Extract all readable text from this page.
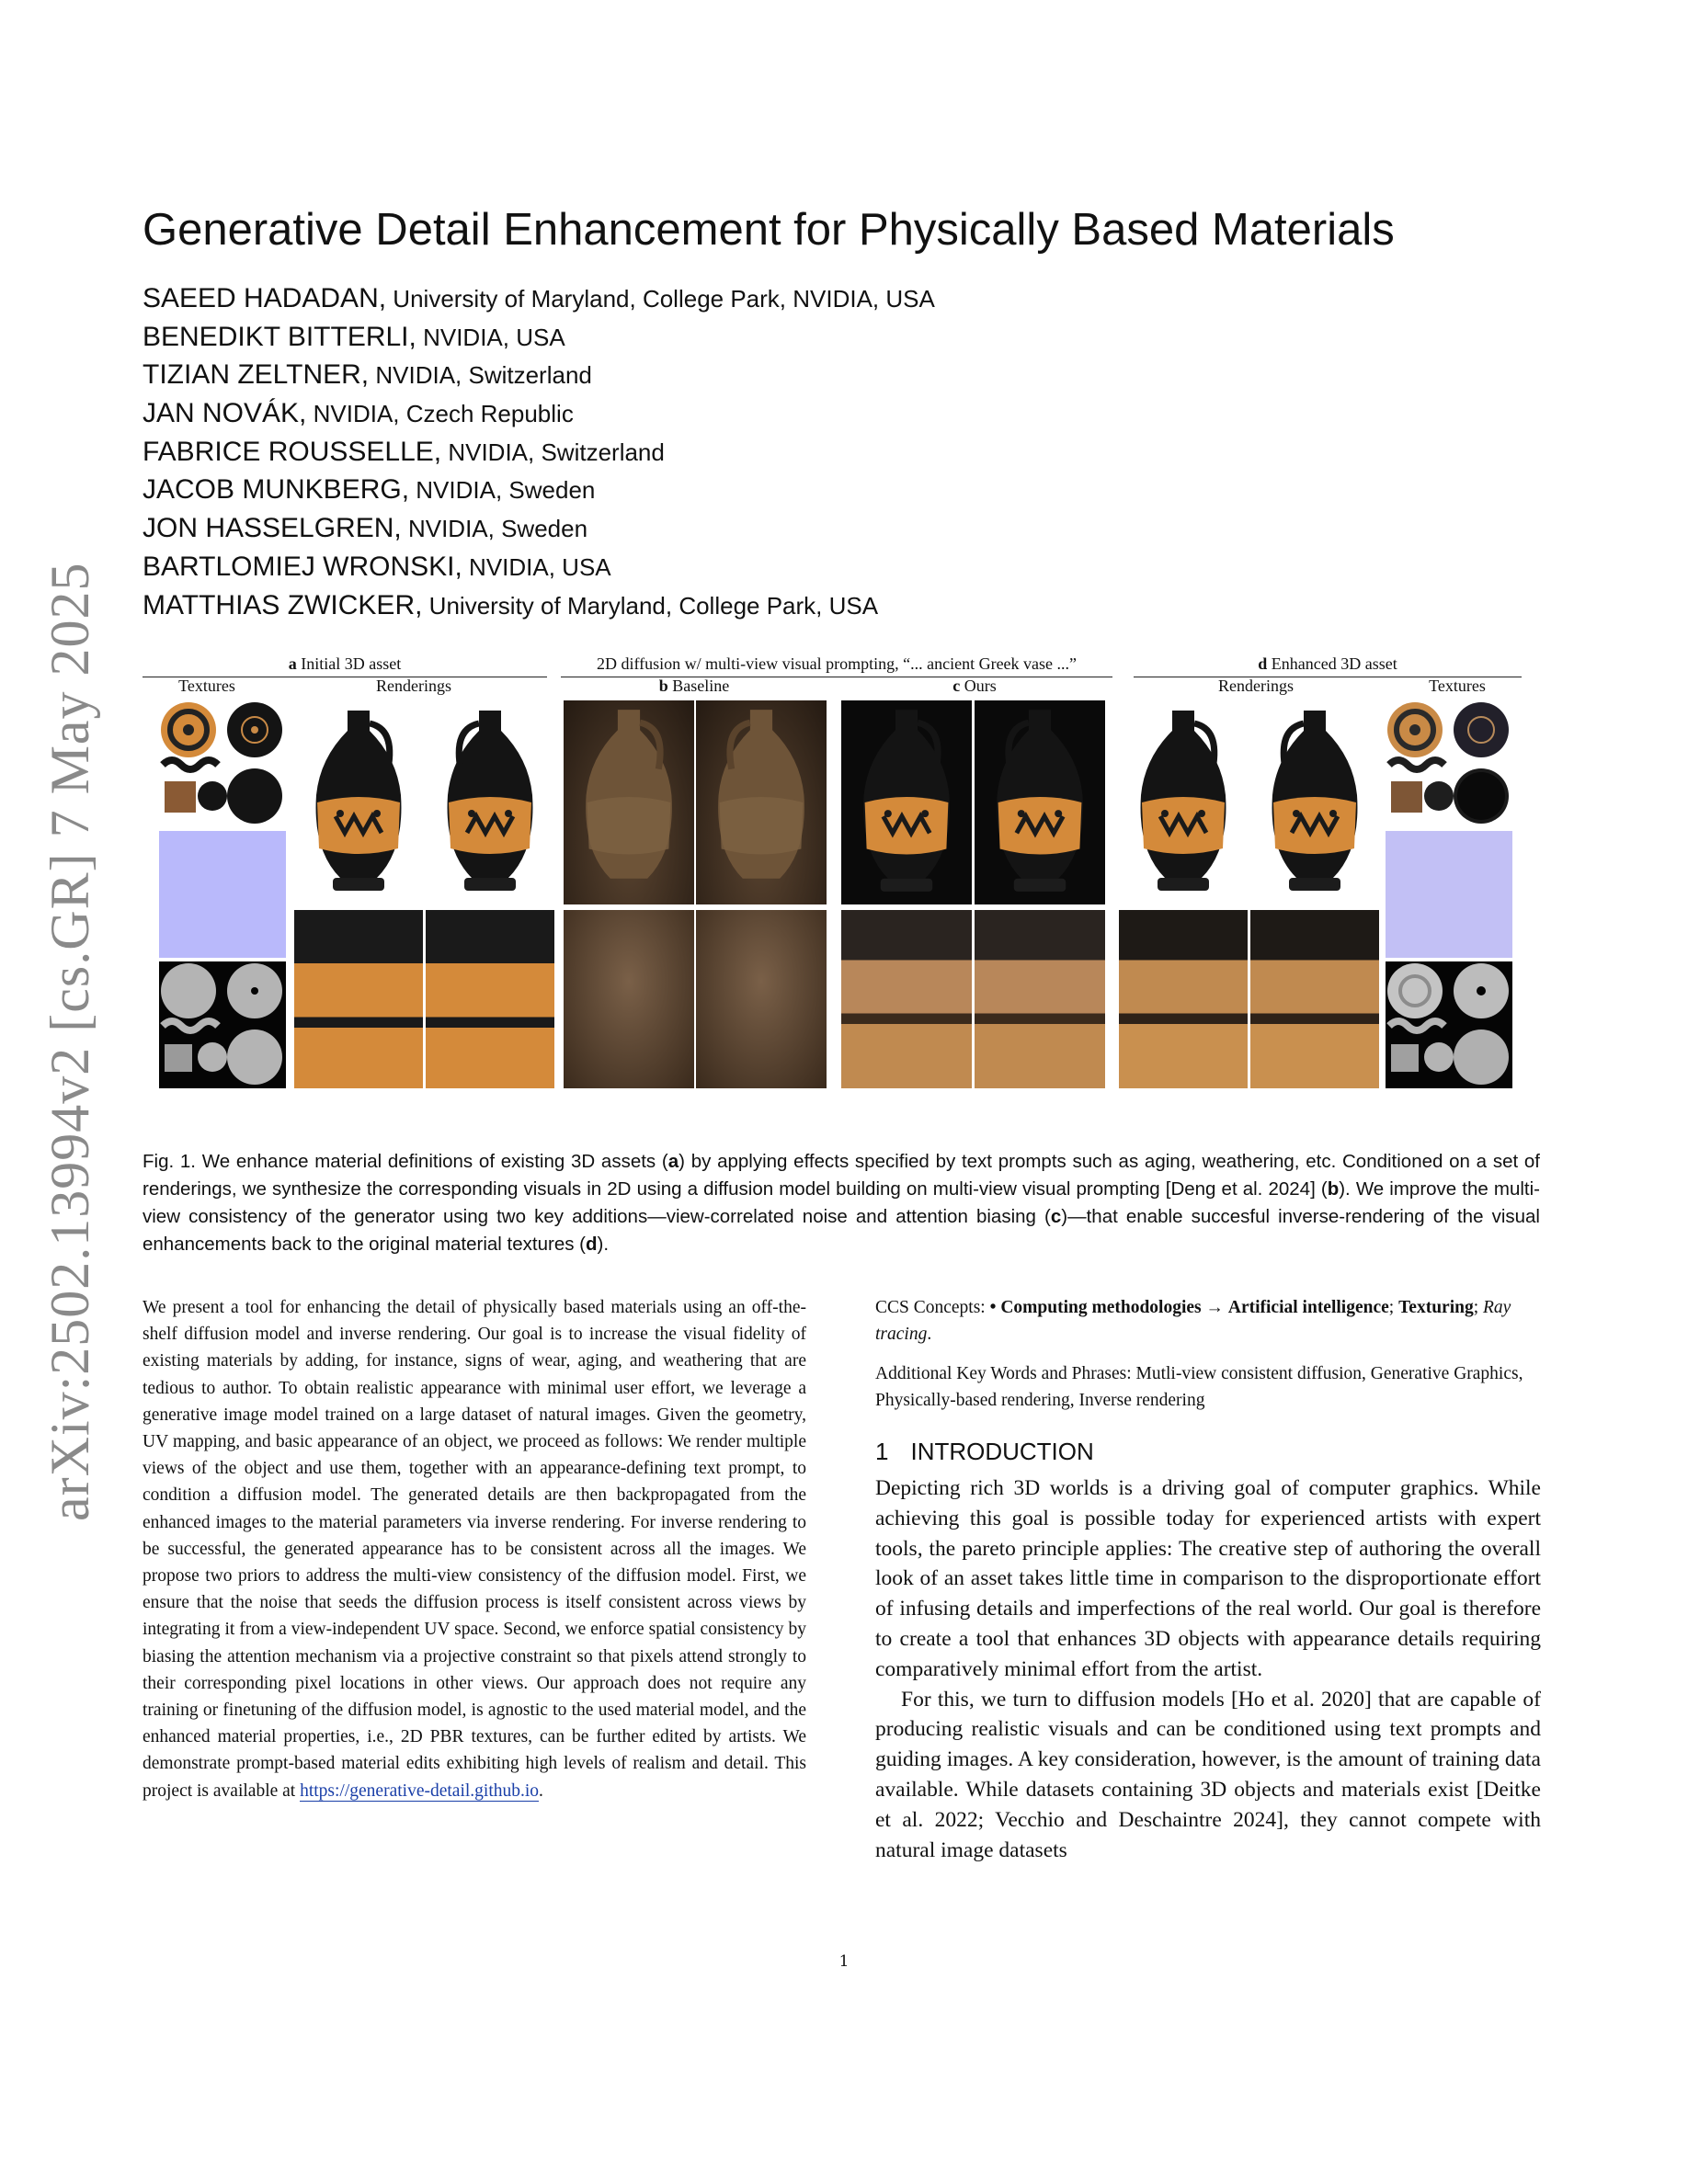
arXiv:2502.13994v2 [cs.GR] 7 May 2025
Generative Detail Enhancement for Physically Based Materials
SAEED HADADAN, University of Maryland, College Park, NVIDIA, USA
BENEDIKT BITTERLI, NVIDIA, USA
TIZIAN ZELTNER, NVIDIA, Switzerland
JAN NOVÁK, NVIDIA, Czech Republic
FABRICE ROUSSELLE, NVIDIA, Switzerland
JACOB MUNKBERG, NVIDIA, Sweden
JON HASSELGREN, NVIDIA, Sweden
BARTLOMIEJ WRONSKI, NVIDIA, USA
MATTHIAS ZWICKER, University of Maryland, College Park, USA
a Initial 3D asset	2D diffusion w/ multi-view visual prompting, “... ancient Greek vase ...”	d Enhanced 3D asset
Textures	Renderings	b Baseline	c Ours	Renderings	Textures

Fig. 1. We enhance material definitions of existing 3D assets (a) by applying effects specified by text prompts such as aging, weathering, etc. Conditioned on a set of renderings, we synthesize the corresponding visuals in 2D using a diffusion model building on multi-view visual prompting [Deng et al. 2024] (b). We improve the multi-view consistency of the generator using two key additions—view-correlated noise and attention biasing (c)—that enable succesful inverse-rendering of the visual enhancements back to the original material textures (d).

We present a tool for enhancing the detail of physically based materials using an off-the-shelf diffusion model and inverse rendering. Our goal is to increase the visual fidelity of existing materials by adding, for instance, signs of wear, aging, and weathering that are tedious to author. To obtain realistic appearance with minimal user effort, we leverage a generative image model trained on a large dataset of natural images. Given the geometry, UV mapping, and basic appearance of an object, we proceed as follows: We render multiple views of the object and use them, together with an appearance-defining text prompt, to condition a diffusion model. The generated details are then backpropagated from the enhanced images to the material parameters via inverse rendering. For inverse rendering to be successful, the generated appearance has to be consistent across all the images. We propose two priors to address the multi-view consistency of the diffusion model. First, we ensure that the noise that seeds the diffusion process is itself consistent across views by integrating it from a view-independent UV space. Second, we enforce spatial consistency by biasing the attention mechanism via a projective constraint so that pixels attend strongly to their corresponding pixel locations in other views. Our approach does not require any training or finetuning of the diffusion model, is agnostic to the used material model, and the enhanced material properties, i.e., 2D PBR textures, can be further edited by artists. We demonstrate prompt-based material edits exhibiting high levels of realism and detail. This project is available at https://generative-detail.github.io.

CCS Concepts: • Computing methodologies → Artificial intelligence; Texturing; Ray tracing.

Additional Key Words and Phrases: Mutli-view consistent diffusion, Generative Graphics, Physically-based rendering, Inverse rendering

1 INTRODUCTION

Depicting rich 3D worlds is a driving goal of computer graphics. While achieving this goal is possible today for experienced artists with expert tools, the pareto principle applies: The creative step of authoring the overall look of an asset takes little time in comparison to the disproportionate effort of infusing details and imperfections of the real world. Our goal is therefore to create a tool that enhances 3D objects with appearance details requiring comparatively minimal effort from the artist.

For this, we turn to diffusion models [Ho et al. 2020] that are capable of producing realistic visuals and can be conditioned using text prompts and guiding images. A key consideration, however, is the amount of training data available. While datasets containing 3D objects and materials exist [Deitke et al. 2022; Vecchio and Deschaintre 2024], they cannot compete with natural image datasets

1
